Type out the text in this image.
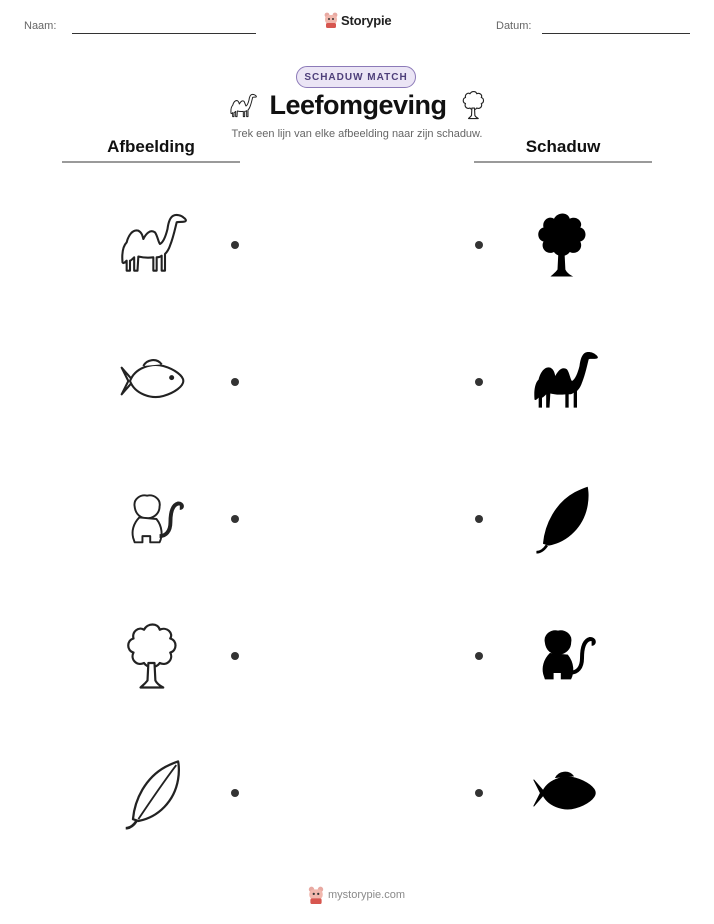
Naam:	Storypie	Datum:
SCHADUW MATCH
Leefomgeving
Trek een lijn van elke afbeelding naar zijn schaduw.
Afbeelding	Schaduw
mystorypie.com
